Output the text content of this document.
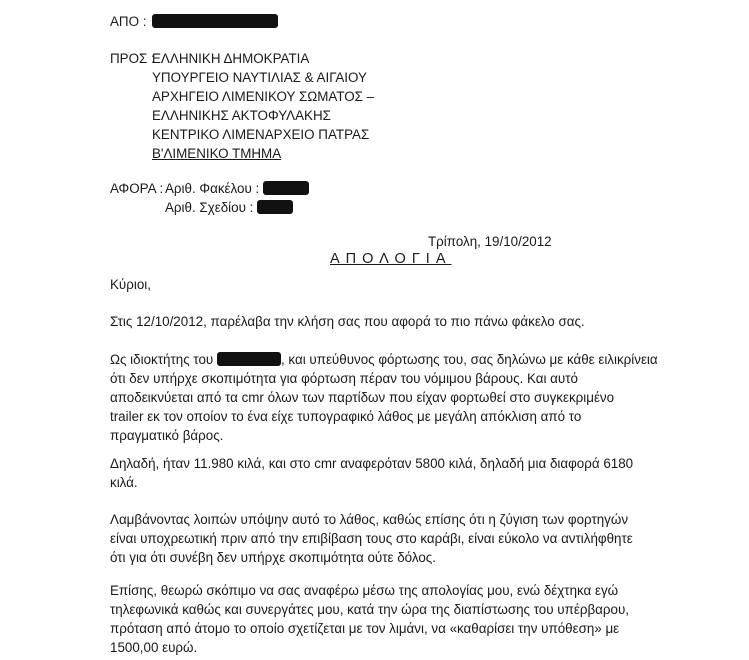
ΑΠΟ :
ΠΡΟΣ :
ΕΛΛΗΝΙΚΗ ΔΗΜΟΚΡΑΤΙΑ
ΥΠΟΥΡΓΕΙΟ ΝΑΥΤΙΛΙΑΣ & ΑΙΓΑΙΟΥ
ΑΡΧΗΓΕΙΟ ΛΙΜΕΝΙΚΟΥ ΣΩΜΑΤΟΣ –
ΕΛΛΗΝΙΚΗΣ ΑΚΤΟΦΥΛΑΚΗΣ
ΚΕΝΤΡΙΚΟ ΛΙΜΕΝΑΡΧΕΙΟ ΠΑΤΡΑΣ
Β'ΛΙΜΕΝΙΚΟ ΤΜΗΜΑ
ΑΦΟΡΑ : Αριθ. Φακέλου :
Αριθ. Σχεδίου :
Τρίπολη, 19/10/2012
ΑΠΟΛΟΓΙΑ
Κύριοι,
Στις 12/10/2012, παρέλαβα την κλήση σας που αφορά το πιο πάνω φάκελο σας.
Ως ιδιοκτήτης του	, και υπεύθυνος φόρτωσης του, σας δηλώνω με κάθε ειλικρίνεια
ότι δεν υπήρχε σκοπιμότητα για φόρτωση πέραν του νόμιμου βάρους. Και αυτό
αποδεικνύεται από τα cmr όλων των παρτίδων που είχαν φορτωθεί στο συγκεκριμένο
trailer εκ τον οποίον το ένα είχε τυπογραφικό λάθος με μεγάλη απόκλιση από το
πραγματικό βάρος.
Δηλαδή, ήταν 11.980 κιλά, και στο cmr αναφερόταν 5800 κιλά, δηλαδή μια διαφορά 6180
κιλά.
Λαμβάνοντας λοιπών υπόψην αυτό το λάθος, καθώς επίσης ότι η ζύγιση των φορτηγών
είναι υποχρεωτική πριν από την επιβίβαση τους στο καράβι, είναι εύκολο να αντιλήφθητε
ότι για ότι συνέβη δεν υπήρχε σκοπιμότητα ούτε δόλος.
Επίσης, θεωρώ σκόπιμο να σας αναφέρω μέσω της απολογίας μου, ενώ δέχτηκα εγώ
τηλεφωνικά καθώς και συνεργάτες μου, κατά την ώρα της διαπίστωσης του υπέρβαρου,
πρόταση από άτομο το οποίο σχετίζεται με τον λιμάνι, να «καθαρίσει την υπόθεση» με
1500,00 ευρώ.
